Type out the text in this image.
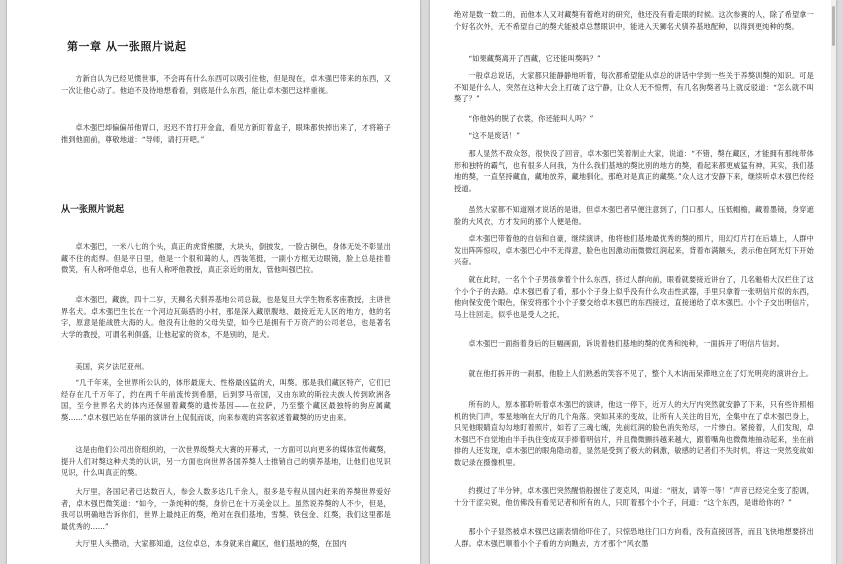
第一章 从一张照片说起

方新自认为已经见惯世事，不会再有什么东西可以吸引住他，但是现在，卓木强巴带来的东西，又一次让他心动了。他迫不及待地想看看，到底是什么东西，能让卓木强巴这样重视。

卓木强巴却偏偏吊他胃口，迟迟不肯打开金盒，看见方新盯着盒子，眼珠都快掉出来了，才将箱子推到他面前，尊敬地道：“导师，请打开吧。”

从一张照片说起

卓木强巴，一米八七的个头，真正的虎背熊腰，大块头，倒披发，一脸古铜色，身体无处不彰显出藏不住的彪悍。但是平日里，他是一个很和蔼的人，西装笔挺，一副小方框无边眼镜，脸上总是挂着微笑，有人称呼他卓总，也有人称呼他教授，真正亲近的朋友，管他叫强巴拉。

卓木强巴，藏族，四十二岁，天狮名犬驯养基地公司总裁，也是复旦大学生物系客座教授，主讲世界名犬。卓木强巴生长在一个河边瓦砾搭的小村，那是深入藏原腹地、最接近无人区的地方，他的名字，原意是能战胜大海的人。他没有让他的父母失望，如今已是拥有千万资产的公司老总，也是著名大学的教授，可谓名利俱盛，让他起家的资本，不是别的，是犬。

美国，宾夕法尼亚州。

“几千年来，全世界所公认的，体形最庞大、性格最凶猛的犬，叫獒。那是我们藏区特产，它们已经存在几千万年了，约在两千年前流传到希腊，后到罗马帝国，又由东欧的斯拉夫族人传到欧洲各国，至今世界名犬的体内还保留着藏獒的遗传基因——在拉萨，乃至整个藏区最独特的狗应属藏獒……”卓木强巴站在华丽的演讲台上侃侃而谈，向来参观的宾客叙述着藏獒的历史由来。

这是由他们公司出资组织的，一次世界级獒犬大赛的开幕式，一方面可以向更多的媒体宣传藏獒，提升人们对獒这种犬类的认识，另一方面也向世界各国养獒人士推销自己的驯养基地，让他们也见识见识，什么叫真正的獒。

大厅里，各国记者已达数百人，参会人数多达几千余人，很多是专程从国内赶来的养獒世界爱好者，卓木强巴微笑道：“如今，一条纯种的獒，身价已在十万美金以上。虽然说养獒的人不少，但是，我可以明确地告诉你们，世界上最纯正的獒，绝对在我们基地，雪獒、铁包金、红獒，我们这里都是最优秀的……”

大厅里人头攒动，大家都知道，这位卓总，本身就来自藏区，他们基地的獒，在国内

绝对是数一数二的，而他本人又对藏獒有着绝对的研究，他还没有看走眼的时候。这次参赛的人，除了希望拿一个好名次外，无不希望自己的獒犬能被卓总慧眼识中，能进入天狮名犬驯养基地配种，以得到更纯种的獒。

“如果藏獒离开了西藏，它还能叫獒吗？”

一般卓总说话，大家都只能静静地听着，每次都希望能从卓总的讲话中学到一些关于养獒训獒的知识。可是不知是什么人，突然在这种大会上打破了这宁静，让众人无不惊愕，有几名狗獒者马上就反驳道：“怎么就不叫獒了？”

“你他妈的脱了衣裳，你还能叫人吗？”

“这不是废话！”

那人显然不敌众怒，很快没了回音，卓木强巴笑着制止大家，说道：“不错，獒在藏区，才能拥有那纯带体形和独特的霸气，也有很多人问我，为什么我们基地的獒比别的地方的獒，看起来都更威猛有神，其实，我们基地的獒，一直坚持藏血，藏地放养，藏地驯化，那绝对是真正的藏獒。”众人这才安静下来，继续听卓木强巴传经授道。

虽然大家都不知道刚才说话的是谁，但卓木强巴者早便注意到了，门口那人，压低帽檐，藏着墨镜，身穿遮脸的大风衣，方才发问的那个人便是他。

卓木强巴带着他的自信和自豪，继续演讲，他将他们基地最优秀的獒的照片，用幻灯片打在后墙上，人群中发出阵阵惊叹，卓木强巴心中不无得意，脸色也因激动而微微红润起来，背着布满额头，表示他在阿光灯下开始兴奋。

就在此时，一名个个子男孩拿着个什么东西，挤过人群向前，眼看就要接近讲台了，几名魁梧大汉拦住了这个小个子的去路。卓木强巴看了看，那小个子身上似乎没有什么攻击性武器，手里只拿着一张明信片似的东西，他向保安使个眼色，保安将那个小个子要交给卓木强巴的东西接过，直接递给了卓木强巴。小个子交出明信片，马上往回走，似乎也是受人之托。

卓木强巴一面指着身后的巨幅画面，诉说着他们基地的獒的优秀和纯种，一面拆开了明信片信封。

就在他打拆开的一刹那，他脸上人们熟悉的笑容不见了，整个人木讷而呆滞地立在了灯光明亮的演讲台上。

所有的人，原本都聆听着卓木强巴的演讲，他这一停下，近万人的大厅内突然就安静了下来，只有些许照相机的快门声，零星地响在大厅的几个角落。突如其来的变故，让所有人关注的目光，全集中在了卓木强巴身上，只见他眼睛直勾勾地盯着照片，如若了三魂七魄，先前红润的脸色消失殆尽，一片惨白。紧接着，人们发现，卓木强巴不自觉地由半手执住变成双手捧着明信片，并且微微颤抖越来越大，跟着嘴角也微微地抽动起来，坐在前排的人还发现，卓木强巴的眼角隐动着，显然是受到了极大的刺激，敏感的记者们不失时机，将这一突然变故如数记录在摄像机里。

约摸过了半分钟，卓木强巴突然醒悟般握住了麦克风，叫道：“朋友，请等一等！”声音已经完全变了腔调，十分干涩尖锐，他仿佛没有看见记者和所有的人，只盯着那个小个子，问道：“这个东西，是谁给你的？”

那小个子显然被卓木强巴这副表情给吓住了，只惊恐地往门口方向看，没有直接回答，而且飞快地想要挤出人群。卓木强巴顺着小个子看的方向瞧去，方才那个“风衣墨
